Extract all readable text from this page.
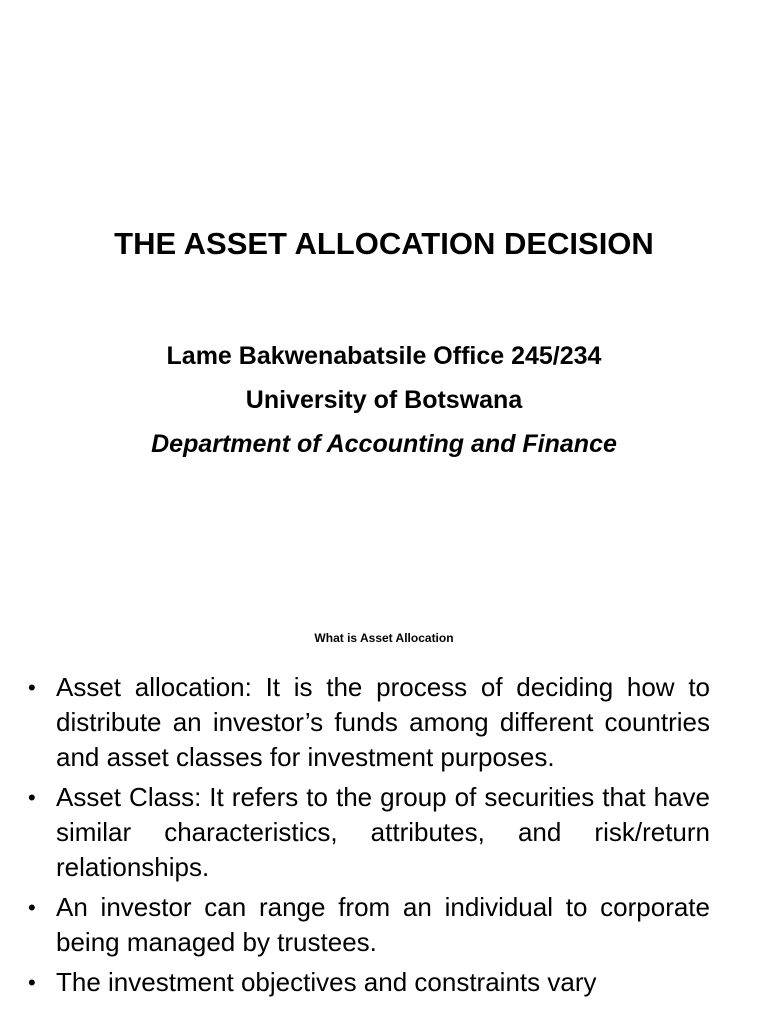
THE ASSET ALLOCATION DECISION
Lame Bakwenabatsile Office 245/234
University of Botswana
Department of Accounting and Finance
What is Asset Allocation
• Asset allocation: It is the process of deciding how to distribute an investor’s funds among different countries and asset classes for investment purposes.
• Asset Class: It refers to the group of securities that have similar characteristics, attributes, and risk/return relationships.
• An investor can range from an individual to corporate being managed by trustees.
• The investment objectives and constraints vary
